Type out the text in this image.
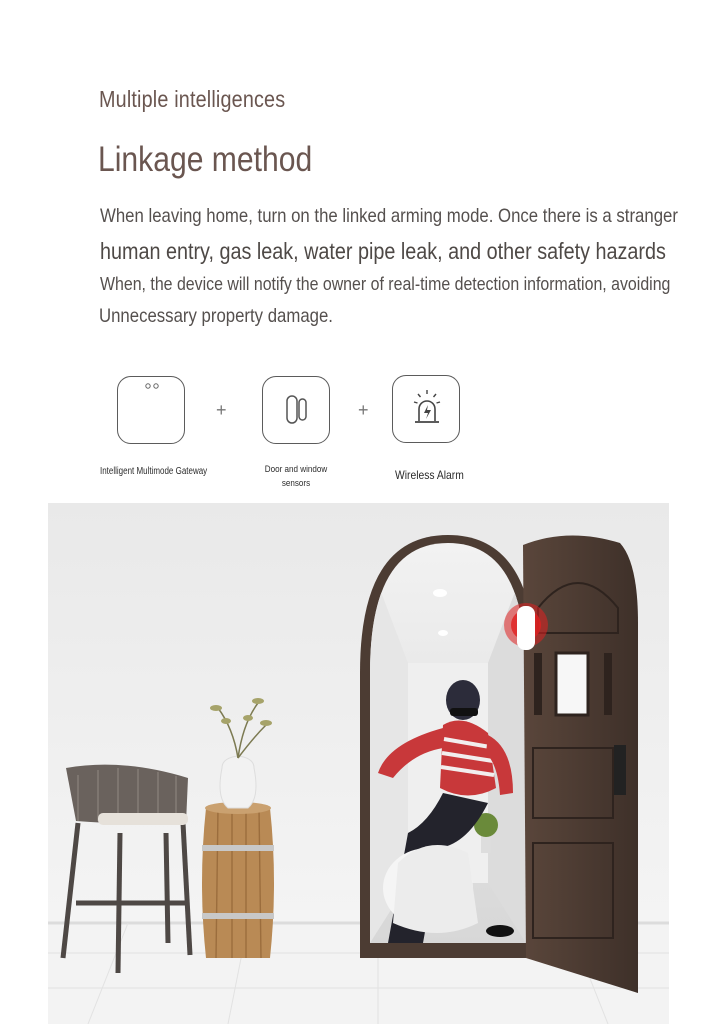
Multiple intelligences
Linkage method
When leaving home, turn on the linked arming mode. Once there is a stranger
human entry, gas leak, water pipe leak, and other safety hazards
When, the device will notify the owner of real-time detection information, avoiding
Unnecessary property damage.
+	+
Intelligent Multimode Gateway	Door and window sensors
Wireless Alarm
